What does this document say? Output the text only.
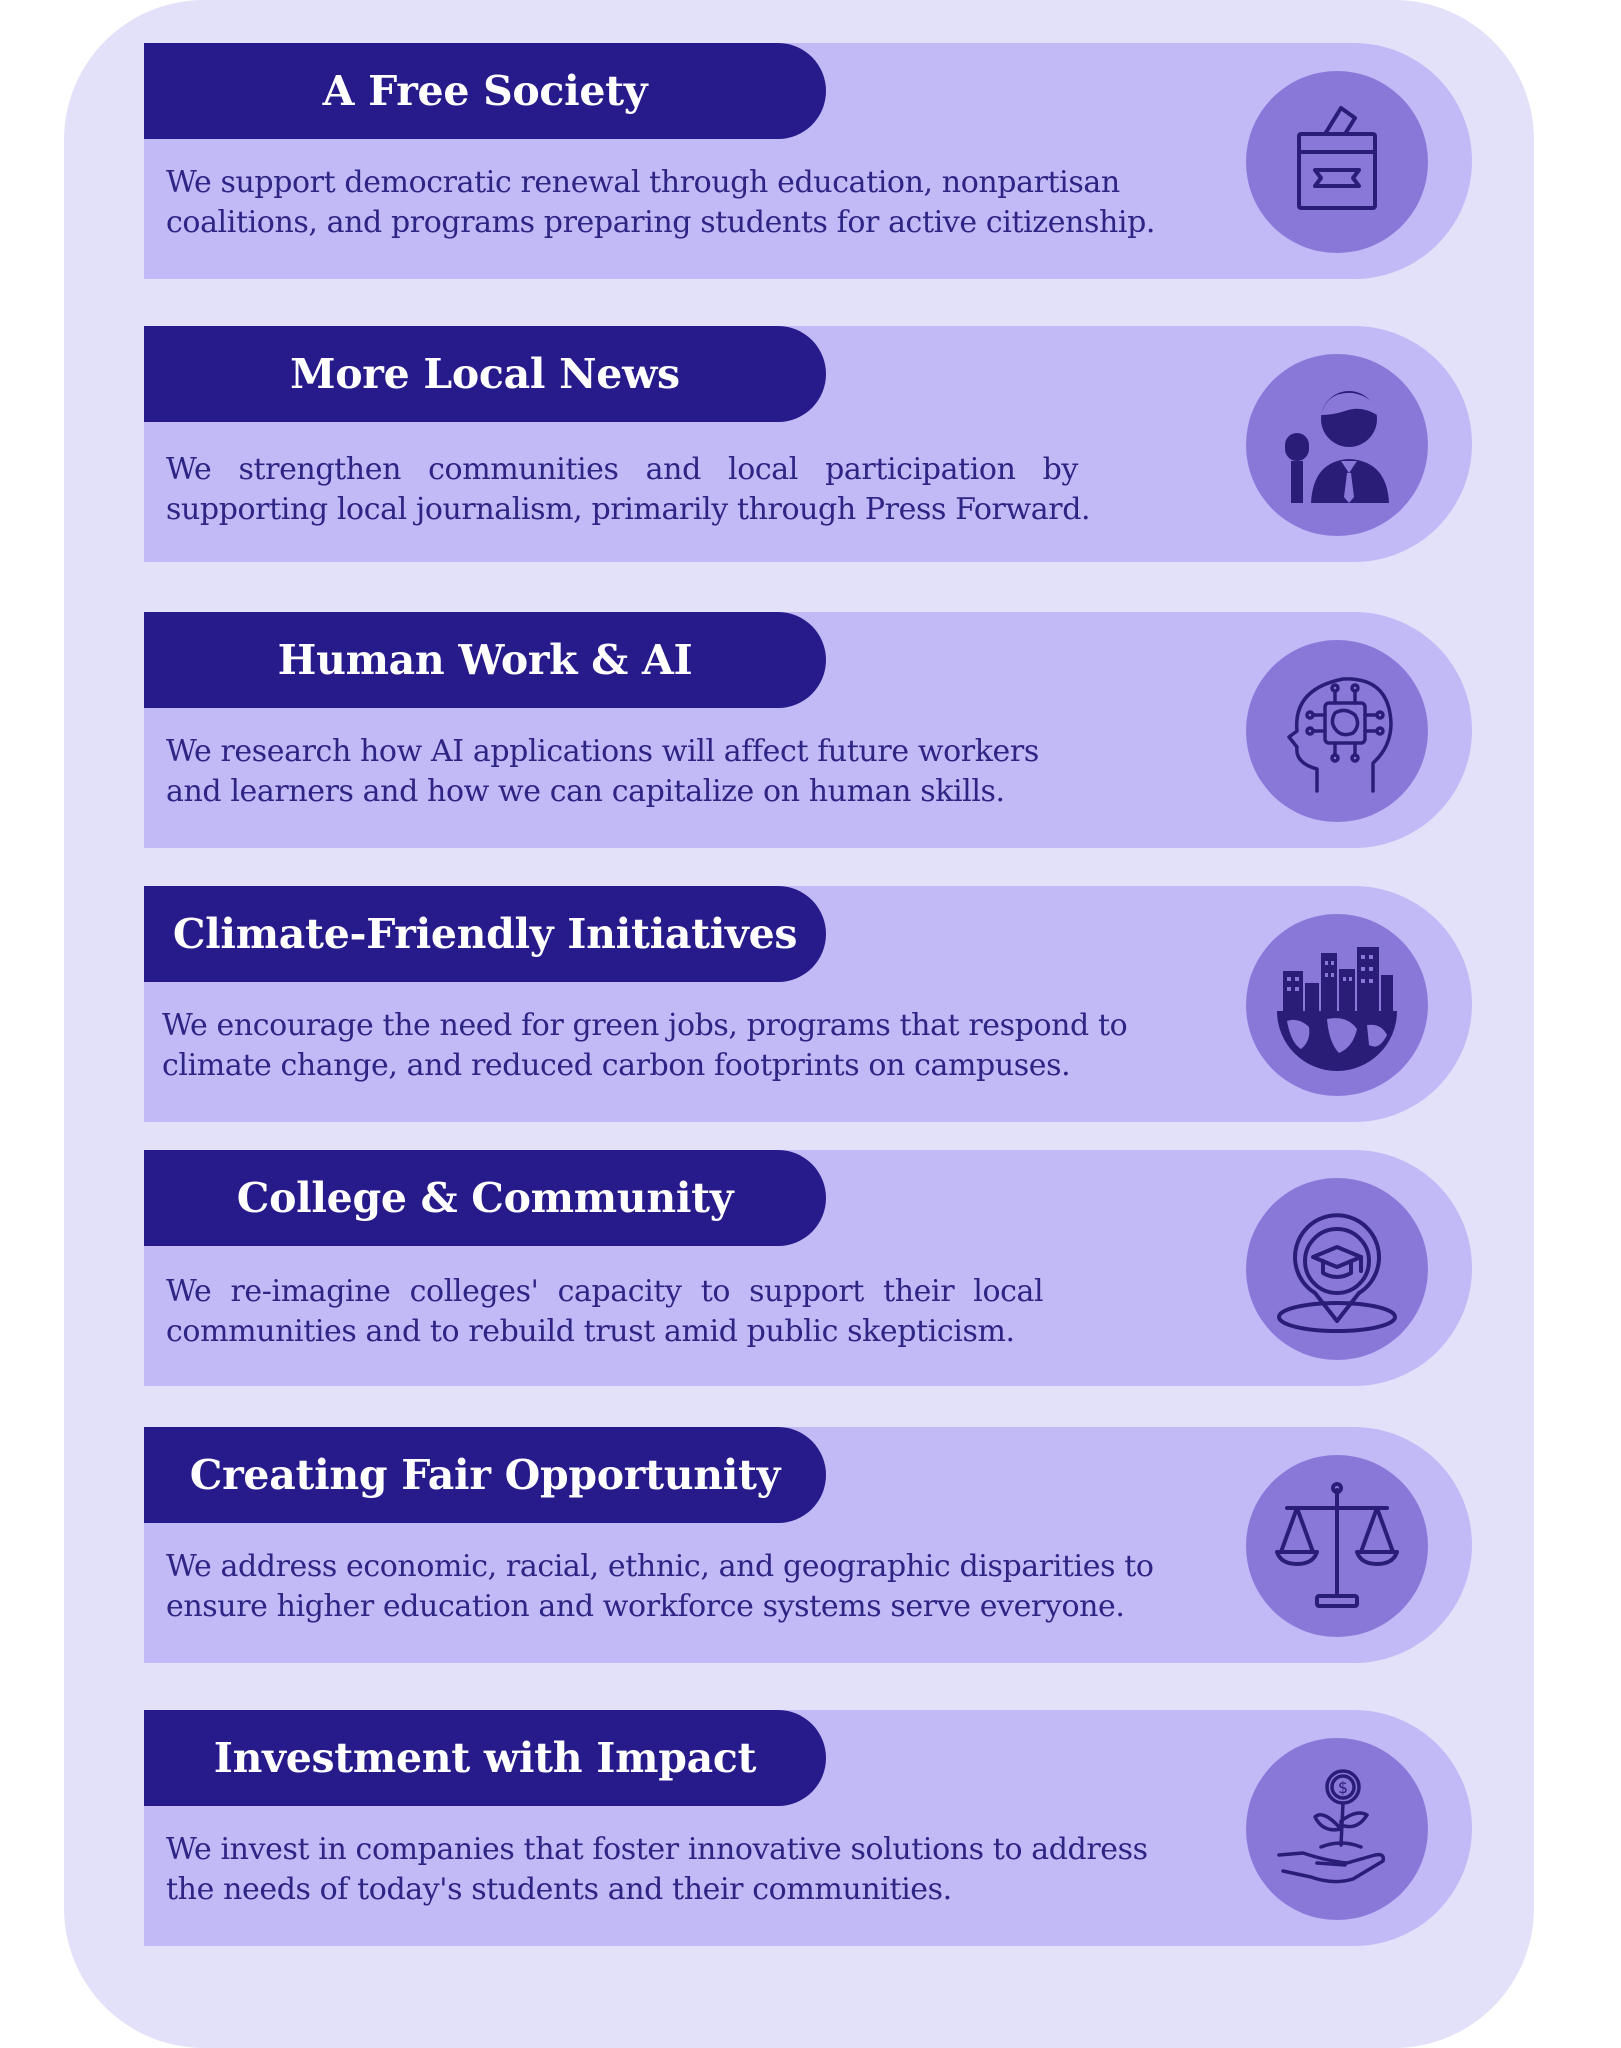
A Free Society
We support democratic renewal through education, nonpartisan
coalitions, and programs preparing students for active citizenship.
More Local News
We strengthen communities and local participation by
supporting local journalism, primarily through Press Forward.
Human Work & AI
We research how AI applications will affect future workers
and learners and how we can capitalize on human skills.
Climate-Friendly Initiatives
We encourage the need for green jobs, programs that respond to
climate change, and reduced carbon footprints on campuses.
College & Community
We re-imagine colleges' capacity to support their local
communities and to rebuild trust amid public skepticism.
Creating Fair Opportunity
We address economic, racial, ethnic, and geographic disparities to
ensure higher education and workforce systems serve everyone.
Investment with Impact
We invest in companies that foster innovative solutions to address
the needs of today's students and their communities.
$
